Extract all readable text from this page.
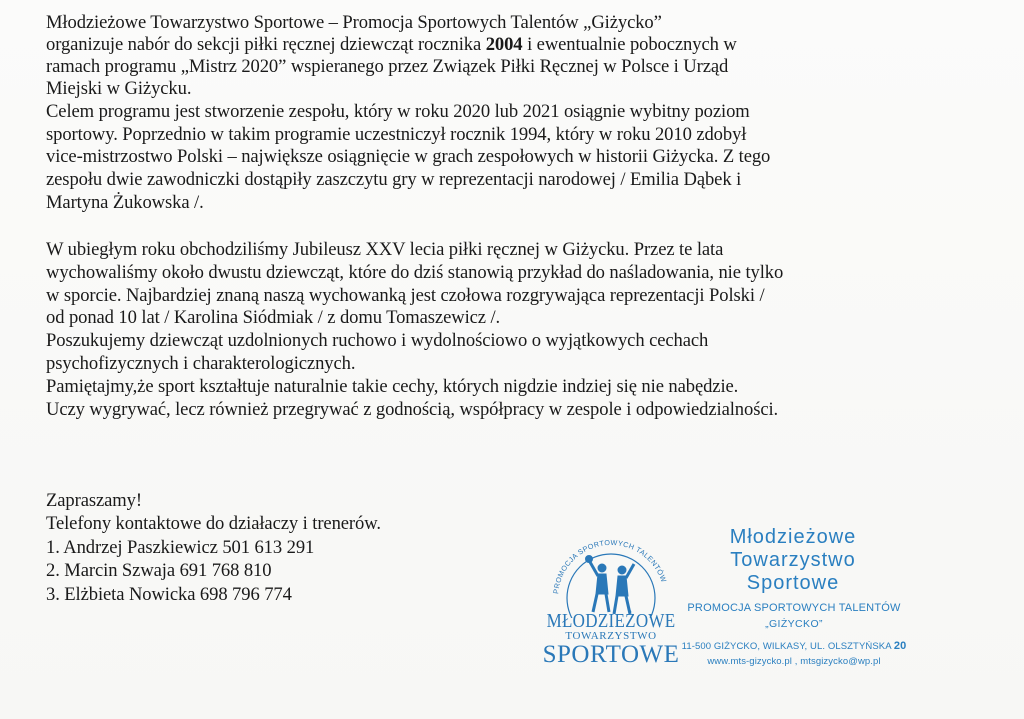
Młodzieżowe Towarzystwo Sportowe – Promocja Sportowych Talentów „Giżycko”
organizuje nabór do sekcji piłki ręcznej dziewcząt rocznika 2004 i ewentualnie pobocznych w
ramach programu „Mistrz 2020” wspieranego przez Związek Piłki Ręcznej w Polsce i Urząd
Miejski w Giżycku.
Celem programu jest stworzenie zespołu, który w roku 2020 lub 2021 osiągnie wybitny poziom
sportowy. Poprzednio w takim programie uczestniczył rocznik 1994, który w roku 2010 zdobył
vice-mistrzostwo Polski – największe osiągnięcie w grach zespołowych w historii Giżycka. Z tego
zespołu dwie zawodniczki dostąpiły zaszczytu gry w reprezentacji narodowej / Emilia Dąbek i
Martyna Żukowska /.
W ubiegłym roku obchodziliśmy Jubileusz XXV lecia piłki ręcznej w Giżycku. Przez te lata
wychowaliśmy około dwustu dziewcząt, które do dziś stanowią przykład do naśladowania, nie tylko
w sporcie. Najbardziej znaną naszą wychowanką jest czołowa rozgrywająca reprezentacji Polski /
od ponad 10 lat / Karolina Siódmiak / z domu Tomaszewicz /.
Poszukujemy dziewcząt uzdolnionych ruchowo i wydolnościowo o wyjątkowych cechach
psychofizycznych i charakterologicznych.
Pamiętajmy,że sport kształtuje naturalnie takie cechy, których nigdzie indziej się nie nabędzie.
Uczy wygrywać, lecz również przegrywać z godnością, współpracy w zespole i odpowiedzialności.
Zapraszamy!
Telefony kontaktowe do działaczy i trenerów.
1. Andrzej Paszkiewicz 501 613 291
2. Marcin Szwaja 691 768 810
3. Elżbieta Nowicka 698 796 774	PROMOCJA SPORTOWYCH TALENTÓW
MŁODZIEŻOWE
TOWARZYSTWO
SPORTOWE
Młodzieżowe
Towarzystwo
Sportowe
PROMOCJA SPORTOWYCH TALENTÓW
„GIŻYCKO”
11-500 GIŻYCKO, WILKASY, UL. OLSZTYŃSKA 20
www.mts-gizycko.pl , mtsgizycko@wp.pl
